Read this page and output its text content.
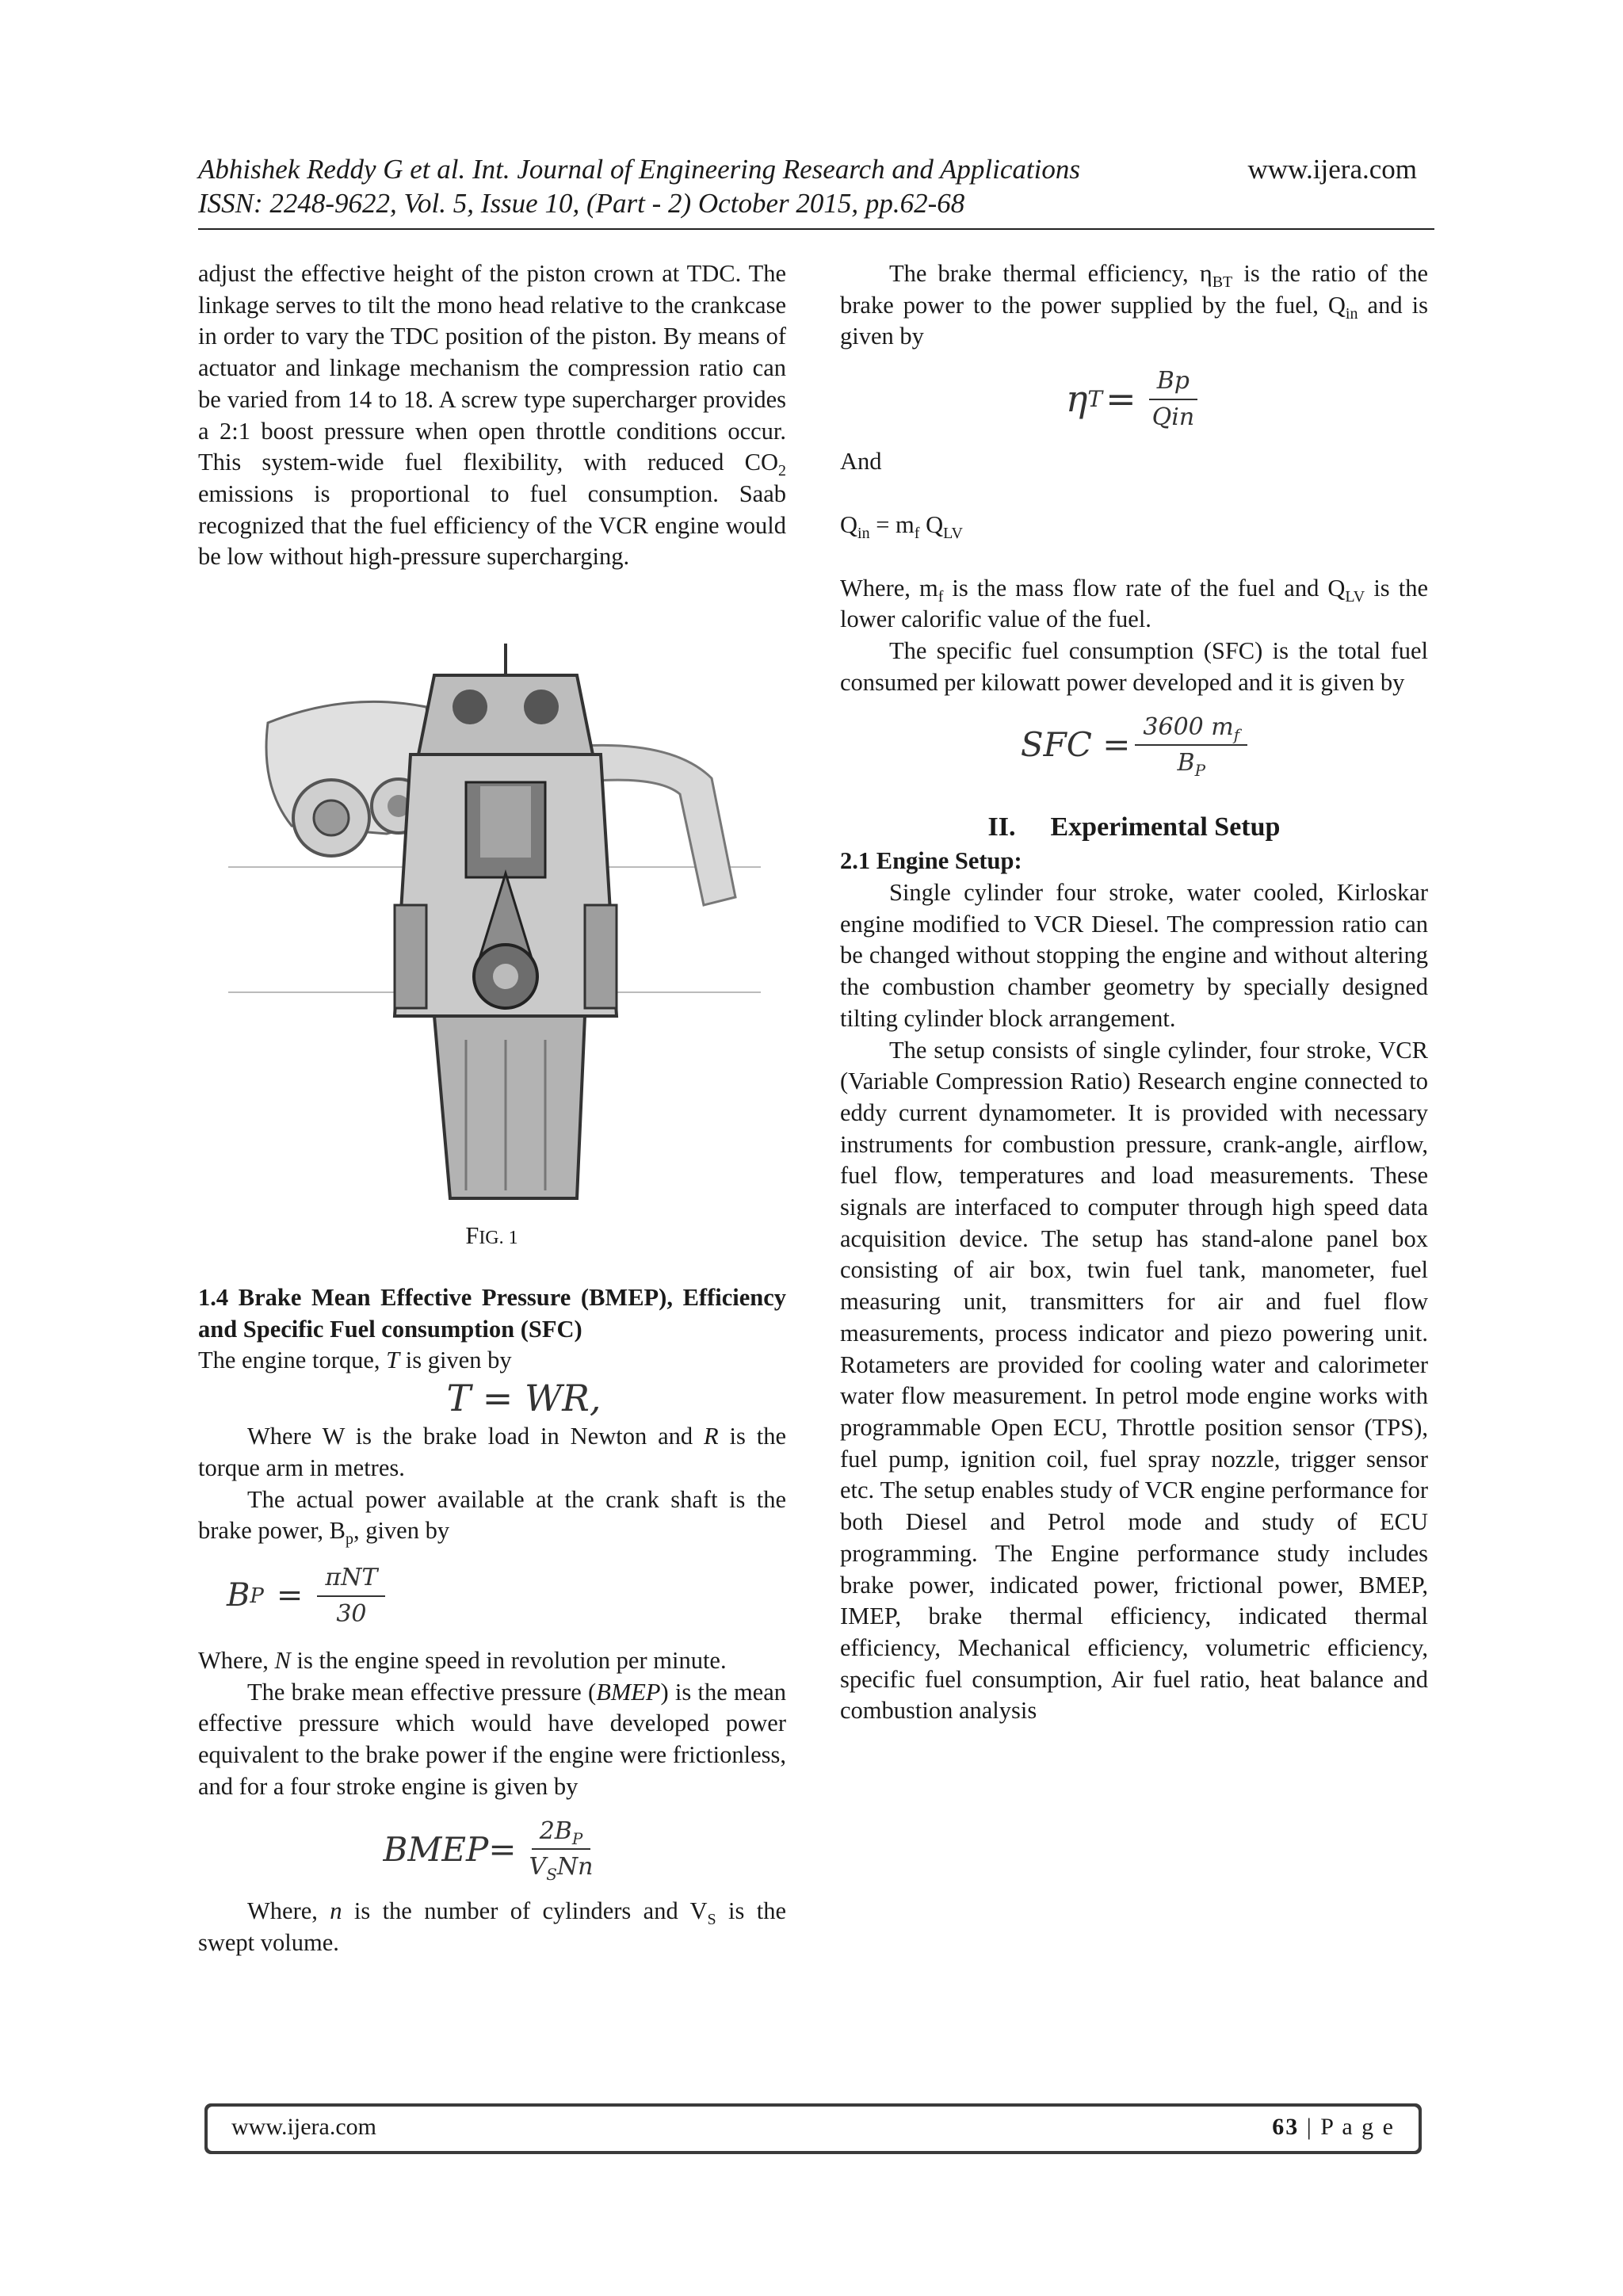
Abhishek Reddy G et al. Int. Journal of Engineering Research and Applications	www.ijera.com
ISSN: 2248-9622, Vol. 5, Issue 10, (Part - 2) October 2015, pp.62-68

adjust the effective height of the piston crown at TDC. The linkage serves to tilt the mono head relative to the crankcase in order to vary the TDC position of the piston. By means of actuator and linkage mechanism the compression ratio can be varied from 14 to 18. A screw type supercharger provides a 2:1 boost pressure when open throttle conditions occur. This system-wide fuel flexibility, with reduced $CO_2$ emissions is proportional to fuel consumption. Saab recognized that the fuel efficiency of the VCR engine would be low without high-pressure supercharging.

FIG. 1

1.4 Brake Mean Effective Pressure (BMEP), Efficiency and Specific Fuel consumption (SFC)

The engine torque, T is given by

T = WR,

Where W is the brake load in Newton and R is the torque arm in metres.

The actual power available at the crank shaft is the brake power, $B_p$, given by

B $P = \frac{\text{πNT}}{30}$

Where, N is the engine speed in revolution per minute.

The brake mean effective pressure (BMEP) is the mean effective pressure which would have developed power equivalent to the brake power if the engine were frictionless, and for a four stroke engine is given by

BMEP= $\frac{2B_P}{V_SNn}$

Where, n is the number of cylinders and $V_S$ is the swept volume.

The brake thermal efficiency, $\eta_{BT}$ is the ratio of the brake power to the power supplied by the fuel, $Q_{in}$ and is given by

η $T = \frac{Bp}{\text{Qin}}$

And

$Q_{in} = m_f$ $Q_{LV}$

Where, $m_f$ is the mass flow rate of the fuel and $Q_{LV}$ is the lower calorific value of the fuel.

The specific fuel consumption (SFC) is the total fuel consumed per kilowatt power developed and it is given by

SFC = $\frac{3600 m_f}{B_P}$

II. Experimental Setup

2.1 Engine Setup:

Single cylinder four stroke, water cooled, Kirloskar engine modified to VCR Diesel. The compression ratio can be changed without stopping the engine and without altering the combustion chamber geometry by specially designed tilting cylinder block arrangement.

The setup consists of single cylinder, four stroke, VCR (Variable Compression Ratio) Research engine connected to eddy current dynamometer. It is provided with necessary instruments for combustion pressure, crank-angle, airflow, fuel flow, temperatures and load measurements. These signals are interfaced to computer through high speed data acquisition device. The setup has stand-alone panel box consisting of air box, twin fuel tank, manometer, fuel measuring unit, transmitters for air and fuel flow measurements, process indicator and piezo powering unit. Rotameters are provided for cooling water and calorimeter water flow measurement. In petrol mode engine works with programmable Open ECU, Throttle position sensor (TPS), fuel pump, ignition coil, fuel spray nozzle, trigger sensor etc. The setup enables study of VCR engine performance for both Diesel and Petrol mode and study of ECU programming. The Engine performance study includes brake power, indicated power, frictional power, BMEP, IMEP, brake thermal efficiency, indicated thermal efficiency, Mechanical efficiency, volumetric efficiency, specific fuel consumption, Air fuel ratio, heat balance and combustion analysis

www.ijera.com	63 | P a g e
